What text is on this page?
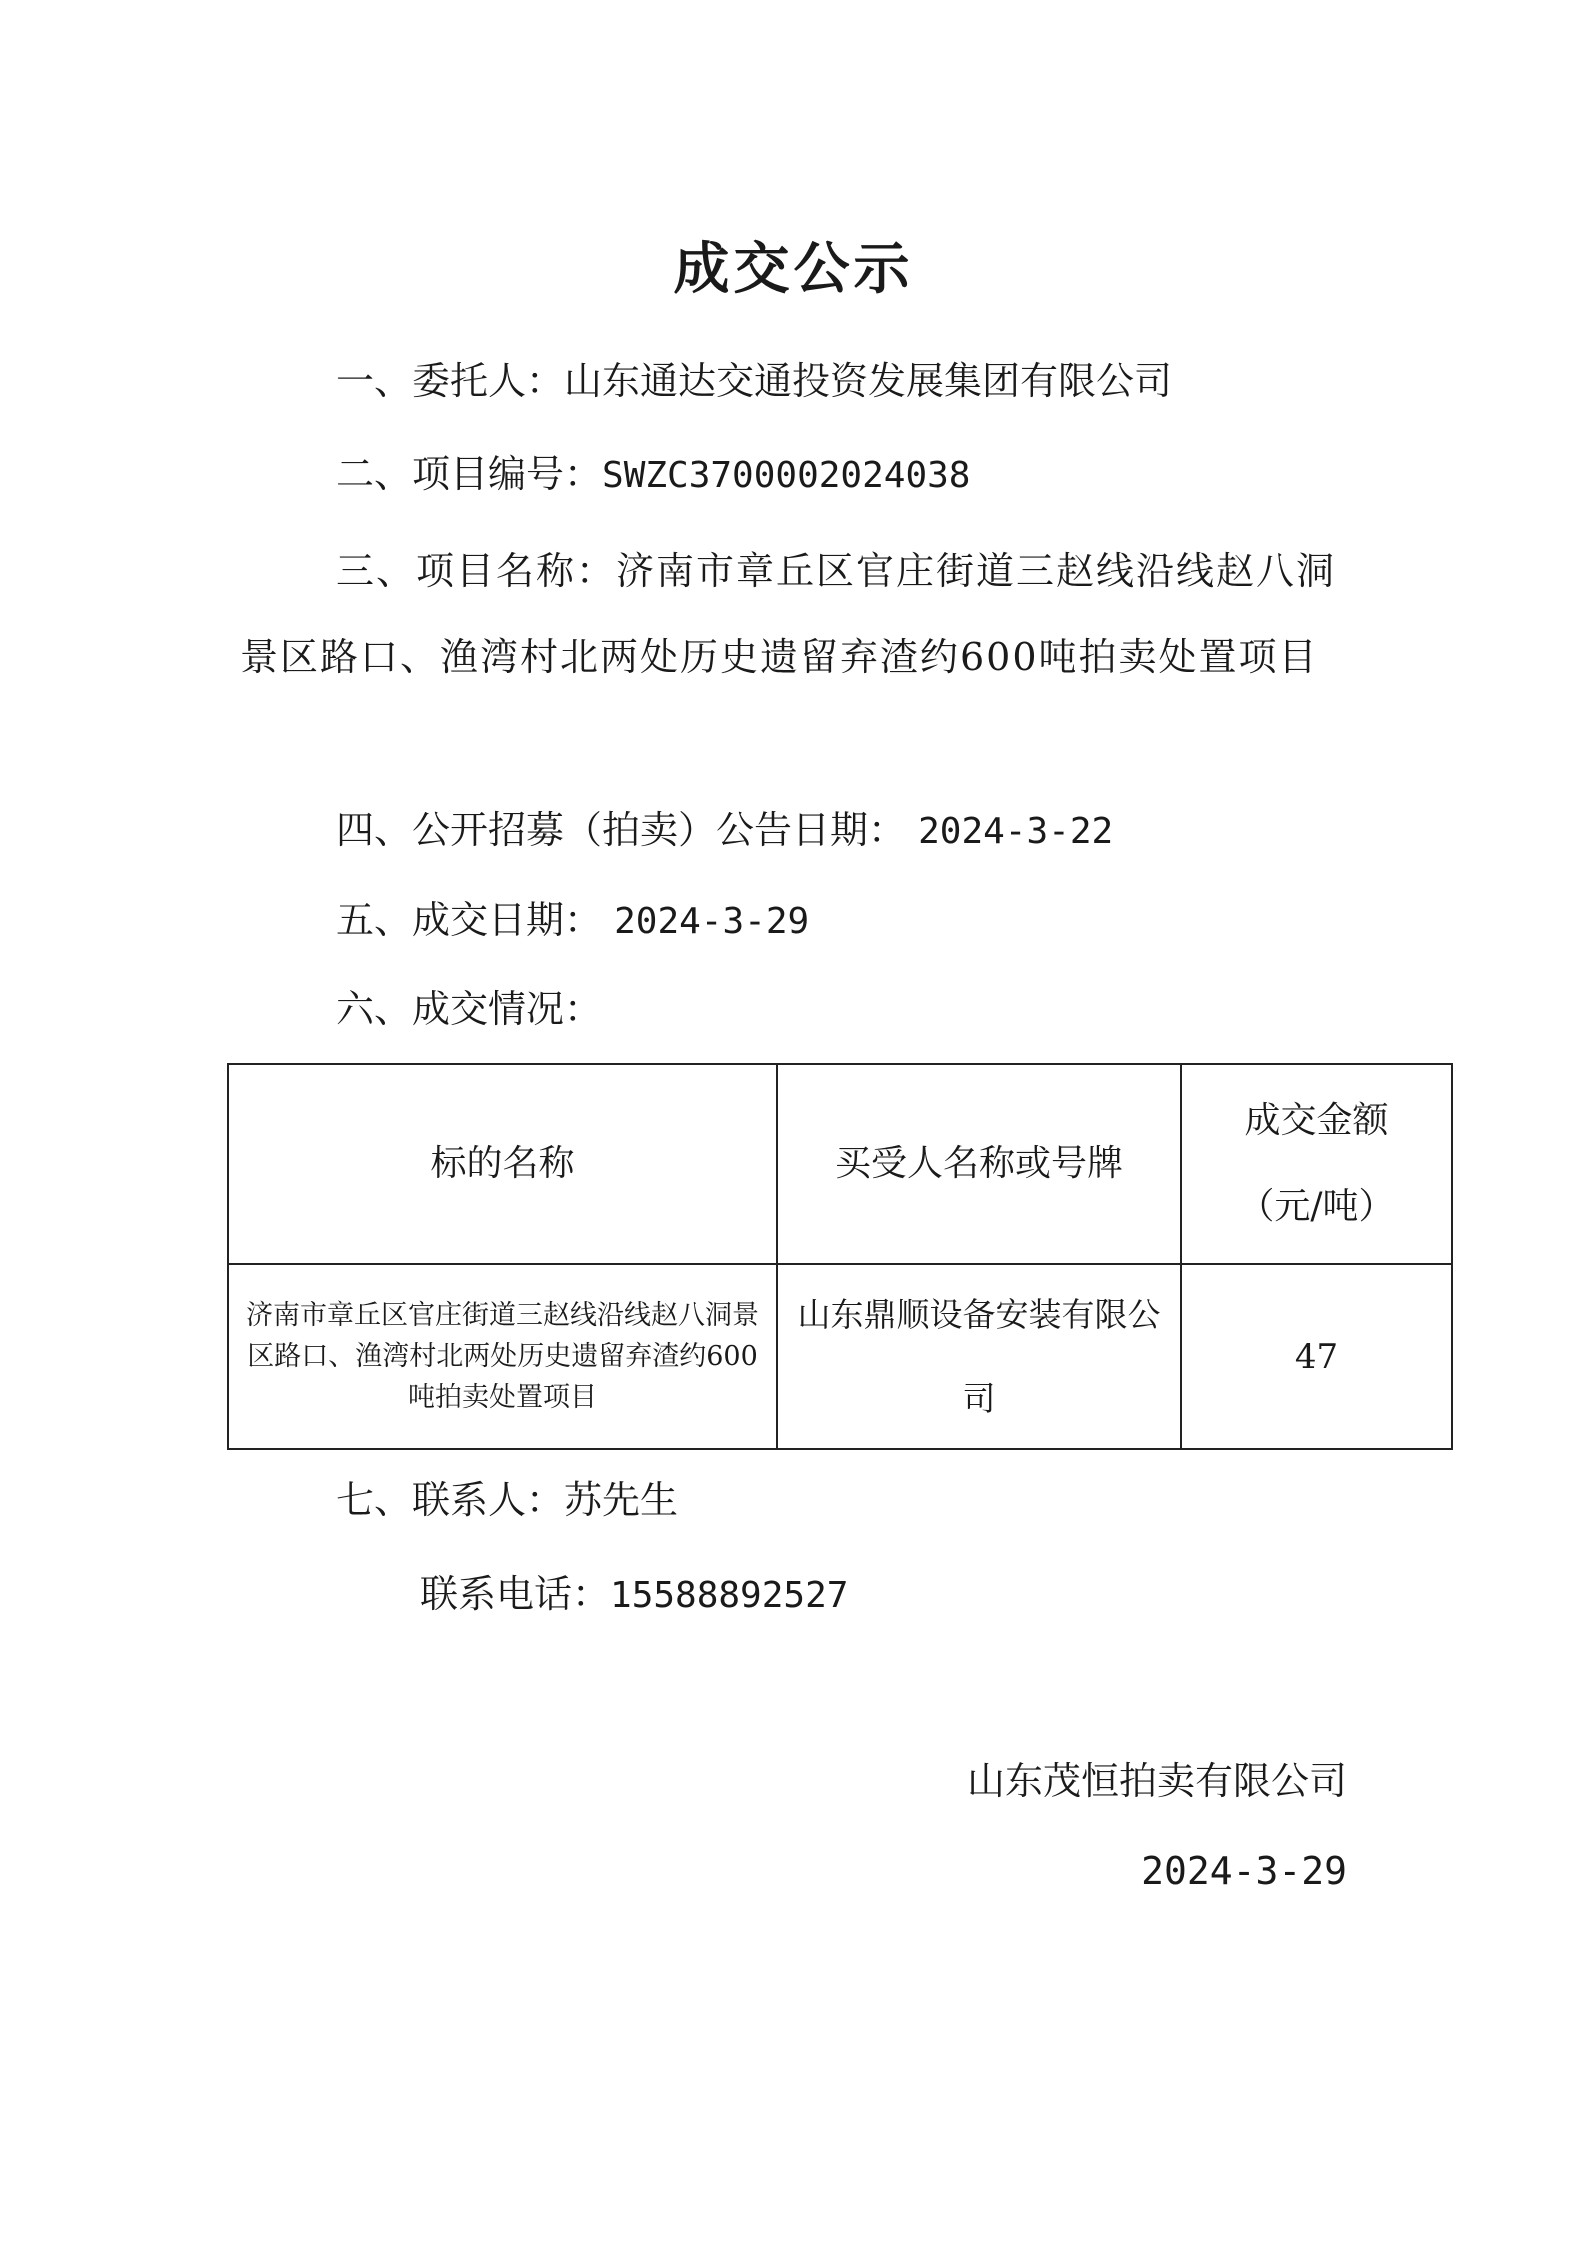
成交公示

一、委托人：山东通达交通投资发展集团有限公司

二、项目编号：SWZC3700002024038

三、项目名称：济南市章丘区官庄街道三赵线沿线赵八洞景区路口、渔湾村北两处历史遗留弃渣约600吨拍卖处置项目

四、公开招募（拍卖）公告日期： 2024-3-22

五、成交日期： 2024-3-29

六、成交情况：

标的名称	买受人名称或号牌	成交金额
（元/吨）

济南市章丘区官庄街道三赵线沿线赵八洞景区路口、渔湾村北两处历史遗留弃渣约600吨拍卖处置项目	山东鼎顺设备安装有限公司	47

七、联系人：苏先生

联系电话：15588892527

山东茂恒拍卖有限公司
2024-3-29
